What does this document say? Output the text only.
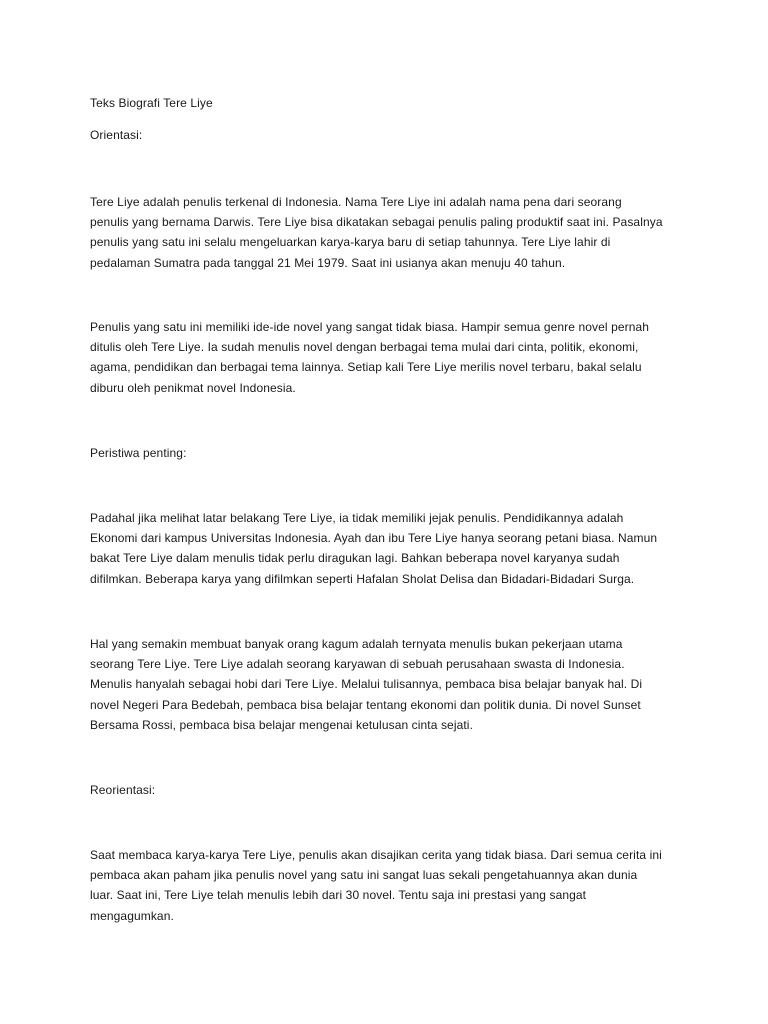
Teks Biografi Tere Liye

Orientasi:

Tere Liye adalah penulis terkenal di Indonesia. Nama Tere Liye ini adalah nama pena dari seorang
penulis yang bernama Darwis. Tere Liye bisa dikatakan sebagai penulis paling produktif saat ini. Pasalnya
penulis yang satu ini selalu mengeluarkan karya-karya baru di setiap tahunnya. Tere Liye lahir di
pedalaman Sumatra pada tanggal 21 Mei 1979. Saat ini usianya akan menuju 40 tahun.

Penulis yang satu ini memiliki ide-ide novel yang sangat tidak biasa. Hampir semua genre novel pernah
ditulis oleh Tere Liye. Ia sudah menulis novel dengan berbagai tema mulai dari cinta, politik, ekonomi,
agama, pendidikan dan berbagai tema lainnya. Setiap kali Tere Liye merilis novel terbaru, bakal selalu
diburu oleh penikmat novel Indonesia.

Peristiwa penting:

Padahal jika melihat latar belakang Tere Liye, ia tidak memiliki jejak penulis. Pendidikannya adalah
Ekonomi dari kampus Universitas Indonesia. Ayah dan ibu Tere Liye hanya seorang petani biasa. Namun
bakat Tere Liye dalam menulis tidak perlu diragukan lagi. Bahkan beberapa novel karyanya sudah
difilmkan. Beberapa karya yang difilmkan seperti Hafalan Sholat Delisa dan Bidadari-Bidadari Surga.

Hal yang semakin membuat banyak orang kagum adalah ternyata menulis bukan pekerjaan utama
seorang Tere Liye. Tere Liye adalah seorang karyawan di sebuah perusahaan swasta di Indonesia.
Menulis hanyalah sebagai hobi dari Tere Liye. Melalui tulisannya, pembaca bisa belajar banyak hal. Di
novel Negeri Para Bedebah, pembaca bisa belajar tentang ekonomi dan politik dunia. Di novel Sunset
Bersama Rossi, pembaca bisa belajar mengenai ketulusan cinta sejati.

Reorientasi:

Saat membaca karya-karya Tere Liye, penulis akan disajikan cerita yang tidak biasa. Dari semua cerita ini
pembaca akan paham jika penulis novel yang satu ini sangat luas sekali pengetahuannya akan dunia
luar. Saat ini, Tere Liye telah menulis lebih dari 30 novel. Tentu saja ini prestasi yang sangat
mengagumkan.
